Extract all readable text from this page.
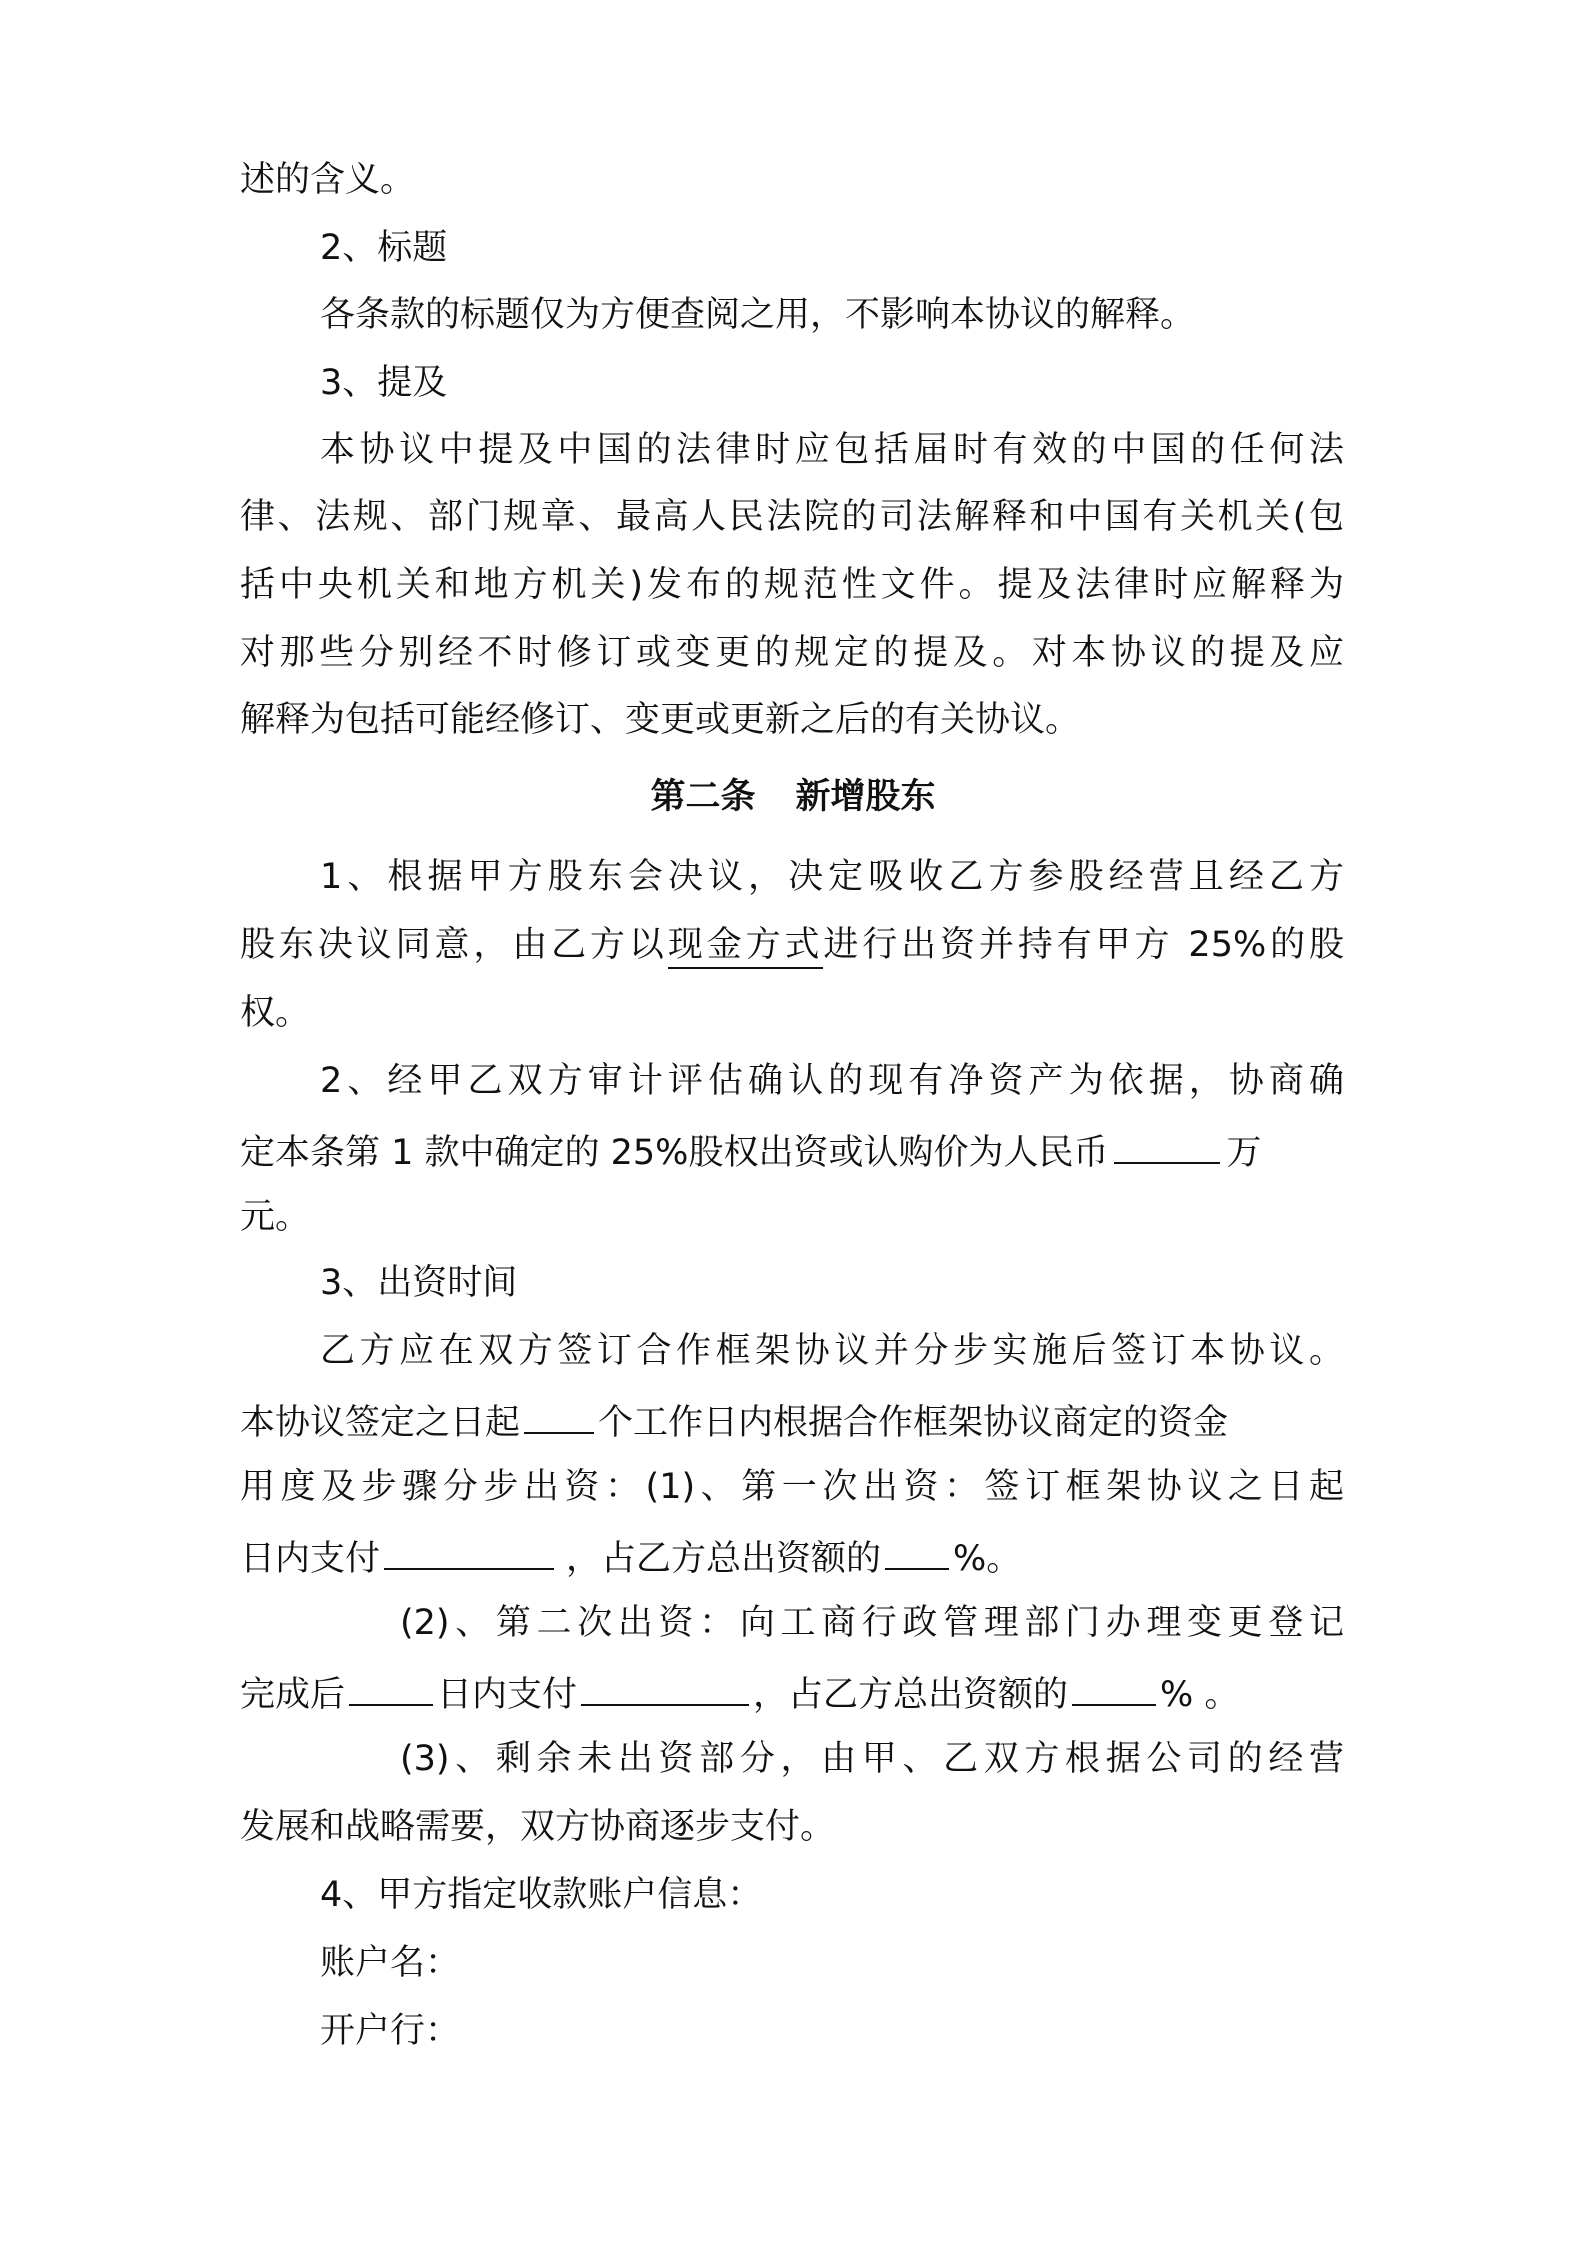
述的含义。
2、标题
各条款的标题仅为方便查阅之用，不影响本协议的解释。
3、提及
本协议中提及中国的法律时应包括届时有效的中国的任何法
律、法规、部门规章、最高人民法院的司法解释和中国有关机关(包
括中央机关和地方机关)发布的规范性文件。提及法律时应解释为
对那些分别经不时修订或变更的规定的提及。对本协议的提及应
解释为包括可能经修订、变更或更新之后的有关协议。
第二条 新增股东
1、根据甲方股东会决议，决定吸收乙方参股经营且经乙方
股东决议同意，由乙方以现金方式进行出资并持有甲方 25%的股
权。
2、经甲乙双方审计评估确认的现有净资产为依据，协商确
定本条第 1 款中确定的 25%股权出资或认购价为人民币	万
元。
3、出资时间
乙方应在双方签订合作框架协议并分步实施后签订本协议。
本协议签定之日起 个工作日内根据合作框架协议商定的资金
用度及步骤分步出资：(1)、第一次出资：签订框架协议之日起
日内支付	，占乙方总出资额的 %。
(2)、第二次出资：向工商行政管理部门办理变更登记
完成后	日内支付	，占乙方总出资额的	% 。
(3)、剩余未出资部分，由甲、乙双方根据公司的经营
发展和战略需要，双方协商逐步支付。
4、甲方指定收款账户信息：
账户名：
开户行：
